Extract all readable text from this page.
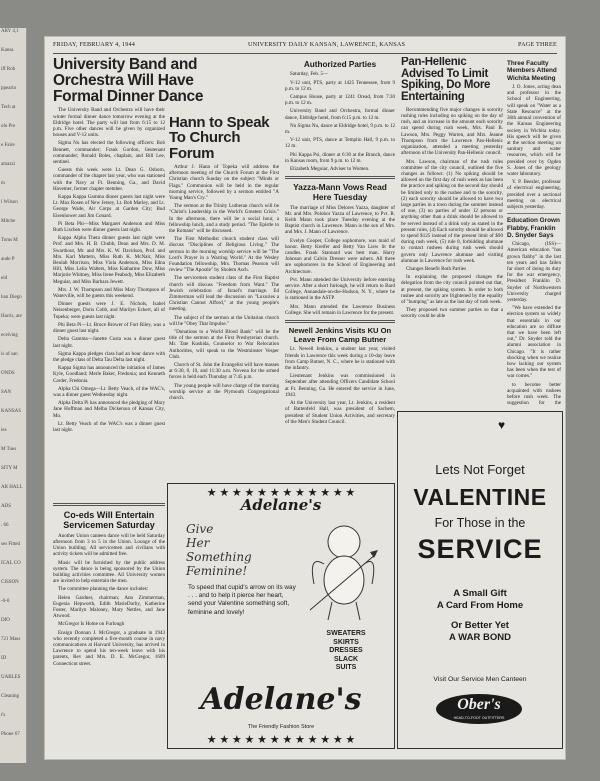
ARY 4,1

Kansa

iff Rob

ppearin

Tech at

olo Pre

e Faire

amazzi

m

l Wilson

Mitche

Toms M

aude P

eld

han Diego

Harris, ate

eceiving

is of san

ONDS

SAN

KANSAS

ies

M Tues

SITY M

AR HALL

ADS

. 66

ses Fitted

ICAL CO

CISSON

-0-0

DIO

721 Mass

ID

UABLES

Cleaning

t's

Phone 67

FRIDAY, FEBRUARY 4, 1944	UNIVERSITY DAILY KANSAN, LAWRENCE, KANSAS	PAGE THREE
University Band and Orchestra Will Have Formal Dinner Dance

The University Band and Orchestra will have their winter formal dinner dance tomorrow evening at the Eldridge hotel. The party will last from 6:15 to 12 p.m. Five other dances will be given by organized houses and V-12 units.

Sigma Nu has elected the following officers: Bob Bennett, commander; Frank Gordon, lieutenant commander; Ronald Boles, chaplain, and Bill Lee, sentinel.

Guests this week were Lt. Dean G. Osborn, commander of the chapter last year, who was stationed with the Navy at Ft. Benning, Ga., and David Havemer, former chapter member.

Kappa Kappa Gamma dinner guests last night were Lt. Max Rosen of New Jersey, Lt. Bob Marley, and Lt. George Wade, Air Corps at Garden City; Bud Eisenhower and Jim Conard.

Pi Beta Phi—Miss Margaret Anderson and Miss Ruth Lischen were dinner guests last night.

Kappa Alpha Theta dinner guests last night were Prof. and Mrs. H. B. Chubb, Dean and Mrs. D. M. Swarthout, Mr. and Mrs. K. W. Davidson, Prof. and Mrs. Karl Mattern, Miss Ruth K. McNair, Miss Beulah Morrison, Miss Viola Anderson, Miss Edna Hill, Miss Lelia Walters, Miss Katharine Dow, Miss Marjorie Whitney, Miss Irene Peabody, Miss Elizabeth Meguiar, and Miss Barbara Jewett.

Mrs. J. W. Thompson and Miss Mary Thompson of Waterville, will be guests this weekend.

Dinner guests were J. E. Nichols, Isabel Neisenberger, Doris Cobb, and Marilyn Eckert, all of Topeka; were guests last night.

Phi Beta Pi—Lt. Bruce Brower of Fort Riley, was a dinner guest last night.

Delta Gamma—Janette Costa was a dinner guest last night.

Sigma Kappa pledges class had an hour dance with the pledge class of Delta Tau Delta last night.

Kappa Sigma has announced the initiation of James Kyle, Goodland; Merle Baker, Fredonia; and Kenneth Carder, Fredonia.

Alpha Chi Omega—Lt. Betty Veach, of the WAC's, was a dinner guest Wednesday night.

Alpha Delta Pi has announced the pledging of Mary Jane Hoffman and Melba Dickerson of Kansas City, Mo.

Lt. Betty Veach of the WAC's was a dinner guest last night.

Hann to Speak To Church Forum

Arthur J. Hann of Topeka will address the afternoon meeting of the Church Forum at the First Christian church Sunday on the subject "Minds or Flags." Communion will be held in the regular morning service, followed by a sermon entitled "A Young Man's Cry."

The sermon at the Trinity Lutheran church will be "Christ's Leadership in the World's Greatest Crisis." In the afternoon, there will be a social hour, a fellowship lunch, and a study period. "The Epistle to the Romans" will be discussed.

The First Methodist church student class will discuss "Disciplines of Religious Living." The sermon in the morning worship service will be "The Lord's Prayer in a Warring World." At the Wesley Foundation fellowship, Mrs. Thomas Pearson will review "The Apostle" by Sholem Asch.

The servicemen student class of the First Baptist church will discuss "Freedom from Want." The Jewish celebration of Israel's marriage. Ed Zimmerman will lead the discussion on "Luxuries a Christian Cannot Afford," at the young people's meeting.

The subject of the sermon at the Unitarian church will be "Obey That Impulse."

"Donations to a World Blood Bank" will be the title of the sermon at the First Presbyterian church. Mr. Tate Kushida, Counselor to War Relocation Authorities, will speak to the Westminster Vesper Club.

Church of St. John the Evangelist will have masses at 6:30, 8, 10, and 11:30 a.m. Novena for the armed forces is held each Thursday at 7:45 p.m.

The young people will have charge of the morning worship service at the Plymouth Congregational church.

Authorized Parties

Saturday, Feb. 5—

V-12 unit, PTS, party at 1425 Tennessee, from 9 p.m. to 12 m.

Campus House, party at 1241 Oread, from 7:30 p.m. to 12 m.

University Band and Orchestra, formal dinner dance, Eldridge hotel, from 6:15 p.m. to 12 m.

Nu Sigma Nu, dance at Eldridge hotel, 9 p.m. to 12 m.

V-12 unit, PTS, dance at Templin Hall, 9 p.m. to 12 m.

Phi Kappa Psi, dinner at 6:30 at the Branch, dance in Kansas room, from 9 p.m. to 12 m.

Elizabeth Meguiar, Adviser to Women.

Yazza-Mann Vows Read Here Tuesday

The marriage of Miss Delores Yazza, daughter of Mr. and Mrs. Polobor Yazza of Lawrence, to Pvt. R. Keith Mann took place Tuesday evening at the Baptist church in Lawrence. Mann is the son of Mrs. and Mrs. J. Mann of Lawrence.

Evelyn Cooper, College sophomore, was maid of honor. Betty Kreifer and Betty Van Liew lit the candles. Frank Stannard was best man. Harry Johnson and Calvin Dresser were ushers. All three are sophomores in the School of Engineering and Architecture.

Pvt. Mann attended the University before entering service. After a short furlough, he will return to Bard College, Annandale-on-the-Hudson, N. Y., where he is stationed in the ASTP.

Mrs. Mann attended the Lawrence Business College. She will remain in Lawrence for the present.

Newell Jenkins Visits KU On Leave From Camp Butner

Lt. Newell Jenkins, a student last year, visited friends in Lawrence this week during a 10-day leave from Camp Butner, N. C., where he is stationed with the infantry.

Lieutenant Jenkins was commissioned in September after attending Officers Candidate School at Ft. Benning, Ga. He entered the service in June, 1943.

At the University last year, Lt. Jenkins, a resident of Battenfeld Hall, was president of Sachem, president of Student Union Activities, and secretary of the Men's Student Council.

Pan-Hellenic Advised To Limit Spiking, Do More Entertaining

Recommending five major changes in sorority rushing rules including no spiking on the day of rush, and an increase in the amount each sorority can spend during rush week, Mrs. Paul B. Lawson, Mrs. Peggy Warren, and Mrs. Jeanne Thompson from the Lawrence Pan-Hellenic organization, attended a meeting yesterday afternoon of the University Pan-Hellenic council.

Mrs. Lawson, chairman of the rush rules committee of the city council, outlined the five changes as follows: (1) No spiking should be allowed on the first day of rush week as has been the practice and spiking on the second day should be limited only to the rushee and to the sorority, (2) each sorority should be allowed to have two large parties in a town during the summer instead of one, (3) no parties of under 12 persons or anything other than a drink should be allowed to be served instead of a drink only as stated in the present rules, (4) Each sorority should be allowed to spend $125 instead of the present limit of $90 during rush week, (5) rule 8, forbidding alumnae to contact rushees during rush week should govern only Lawrence alumnae and visiting alumnae in Lawrence for rush week.

Changes Benefit Both Parties

In explaining the proposed changes the delegation from the city council pointed out that, at present, the spiking system. In order to both rushee and sorority are frightened by the equality of "bumping" as late as the last day of rush week.

They proposed two summer parties so that a sorority could be able

Three Faculty Members Attend Wichita Meeting

J. O. Jones, acting dean and professor in the School of Engineering, will speak on "Water as a State Resource" at the 36th annual convention of the Kansas Engineering society in Wichita today. His speech will be given at the section meeting on sanitary and water resources, which will be presided over by Ogden S. Jones of the geology water laboratory.

Y. P. Beezler, professor of electrical engineering, presided over a sectional meeting on electrical subjects yesterday.

Education Grown Flabby, Franklin D. Snyder Says

Chicago, (ISS)—American education "has grown flabby" in the last ten years and has fallen far short of doing its duty for the war emergency, President Franklin D. Snyder of Northwestern University charged yesterday.

"We have extended the election system so widely that essentials in our education are so diffuse that we have been left out," Dr. Snyder told the alumni association in Chicago. "It is rather shocking when we realize how lacking our system has been when the test of war comes."

to become better acquainted with rushees before rush week. The suggestion for the

Co-eds Will Entertain Servicemen Saturday

Another Union canteen dance will be held Saturday afternoon from 3 to 5 in the Union. Lounge of the Union building. All servicemen and civilians with activity tickets will be admitted free.

Music will be furnished by the public address system. The dance is being sponsored by the Union building activities committee. All University women are invited to help entertain the men.

The committee planning the dance includes:

Helen Gardner, chairman; Ann Zimmerman, Eugenia Hepworth, Edith MarieDurby, Katherine Foster, Marilyn Maloney, Mary Nettles, and Jane Atwood.

McGregor Is Home on Furlough

Ensign Donnan J. McGregor, a graduate in 1943 who recently completed a five-month course in navy communications at Harvard University, has arrived in Lawrence to spend his ten-week leave with his parents, Rev and Mrs. D. E. McGregor, 1609 Connecticut street.

★ ★ ★ ★ ★ ★ ★ ★ ★ ★ ★ ★
Adelane's
Give
Her
Something
Feminine!
To speed that cupid's arrow on its way . . . and to help it pierce her heart, send your Valentine something soft, feminine and lovely!
SWEATERS
SKIRTS
DRESSES
SLACK
SUITS
Adelane's
The Friendly Fashion Store
★ ★ ★ ★ ★ ★ ★ ★ ★ ★ ★ ★
♥
Lets Not Forget
VALENTINE
For Those in the
SERVICE
A Small Gift
A Card From Home
Or Better Yet
A WAR BOND
Visit Our Service Men Canteen
Ober's
HEAD-TO-FOOT OUTFITTERS
